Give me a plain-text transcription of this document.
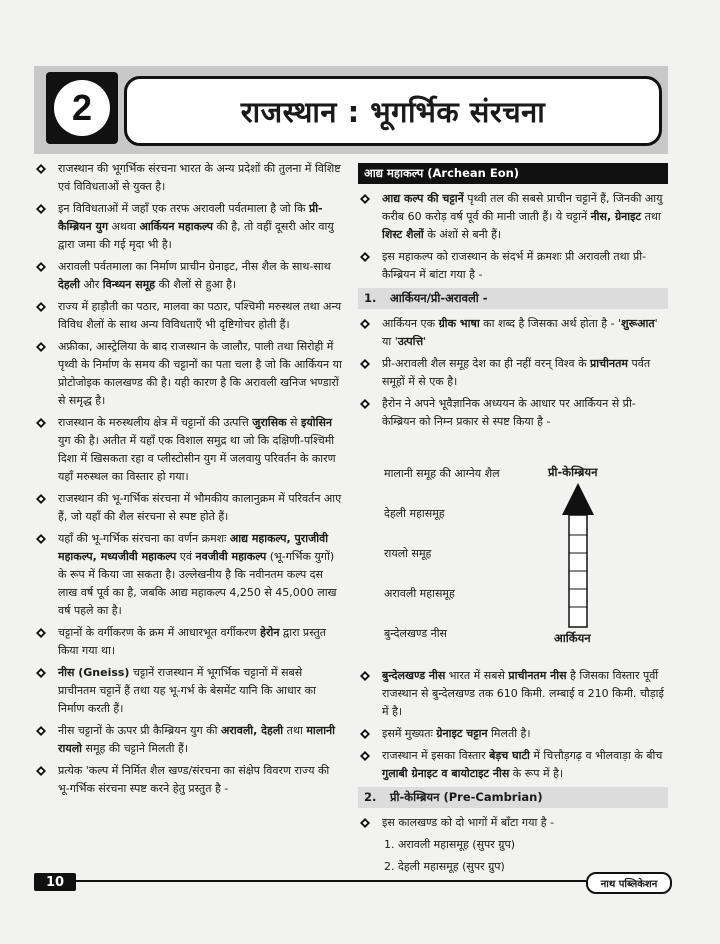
2	राजस्थान : भूगर्भिक संरचना
राजस्थान की भूगर्भिक संरचना भारत के अन्य प्रदेशों की तुलना में विशिष्ट एवं विविधताओं से युक्त है।
इन विविधताओं में जहाँ एक तरफ अरावली पर्वतमाला है जो कि प्री-कैम्ब्रियन युग अथवा आर्कियन महाकल्प की है, तो वहीं दूसरी ओर वायु द्वारा जमा की गई मृदा भी है।
अरावली पर्वतमाला का निर्माण प्राचीन ग्रेनाइट, नीस शैल के साथ-साथ देहली और विन्ध्यन समूह की शैलों से हुआ है।
राज्य में हाड़ौती का पठार, मालवा का पठार, पश्चिमी मरुस्थल तथा अन्य विविध शैलों के साथ अन्य विविधताएँ भी दृष्टिगोचर होती हैं।
अफ्रीका, आस्ट्रेलिया के बाद राजस्थान के जालौर, पाली तथा सिरोही में पृथ्वी के निर्माण के समय की चट्टानों का पता चला है जो कि आर्कियन या प्रोटोजोइक कालखण्ड की है। यही कारण है कि अरावली खनिज भण्डारों से समृद्ध है।
राजस्थान के मरुस्थलीय क्षेत्र में चट्टानों की उत्पत्ति जुरासिक से इयोसिन युग की है। अतीत में यहाँ एक विशाल समुद्र था जो कि दक्षिणी-पश्चिमी दिशा में खिसकता रहा व प्लीस्टोसीन युग में जलवायु परिवर्तन के कारण यहाँ मरुस्थल का विस्तार हो गया।
राजस्थान की भू-गर्भिक संरचना में भौमकीय कालानुक्रम में परिवर्तन आए हैं, जो यहाँ की शैल संरचना से स्पष्ट होते हैं।
यहाँ की भू-गर्भिक संरचना का वर्णन क्रमशः आद्य महाकल्प, पुराजीवी महाकल्प, मध्यजीवी महाकल्प एवं नवजीवी महाकल्प (भू-गर्भिक युगों) के रूप में किया जा सकता है। उल्लेखनीय है कि नवीनतम कल्प दस लाख वर्ष पूर्व का है, जबकि आद्य महाकल्प 4,250 से 45,000 लाख वर्ष पहले का है।
चट्टानों के वर्गीकरण के क्रम में आधारभूत वर्गीकरण हेरोन द्वारा प्रस्तुत किया गया था।
नीस (Gneiss) चट्टानें राजस्थान में भूगर्भिक चट्टानों में सबसे प्राचीनतम चट्टानें हैं तथा यह भू-गर्भ के बेसमेंट यानि कि आधार का निर्माण करती हैं।
नीस चट्टानों के ऊपर प्री कैम्ब्रियन युग की अरावली, देहली तथा मालानी रायलो समूह की चट्टाने मिलती हैं।
प्रत्येक 'कल्प में निर्मित शैल खण्ड/संरचना का संक्षेप विवरण राज्य की भू-गर्भिक संरचना स्पष्ट करने हेतु प्रस्तुत है -
आद्य महाकल्प (Archean Eon)
आद्य कल्प की चट्टानें पृथ्वी तल की सबसे प्राचीन चट्टानें हैं, जिनकी आयु करीब 60 करोड़ वर्ष पूर्व की मानी जाती हैं। ये चट्टानें नीस, ग्रेनाइट तथा शिस्ट शैलों के अंशों से बनी हैं।
इस महाकल्प को राजस्थान के संदर्भ में क्रमशः प्री अरावली तथा प्री-कैम्ब्रियन में बांटा गया है -
1. आर्कियन/प्री-अरावली -
आर्कियन एक ग्रीक भाषा का शब्द है जिसका अर्थ होता है - 'शुरूआत' या 'उत्पत्ति'
प्री-अरावली शैल समूह देश का ही नहीं वरन् विश्व के प्राचीनतम पर्वत समूहों में से एक है।
हैरोन ने अपने भूवैज्ञानिक अध्ययन के आधार पर आर्कियन से प्री-केम्ब्रियन को निम्न प्रकार से स्पष्ट किया है -
मालानी समूह की आग्नेय शैल
देहली महासमूह
रायलो समूह
अरावली महासमूह
बुन्देलखण्ड नीस
प्री-केम्ब्रियन
आर्कियन
बुन्देलखण्ड नीस भारत में सबसे प्राचीनतम नीस है जिसका विस्तार पूर्वी राजस्थान से बुन्देलखण्ड तक 610 किमी. लम्बाई व 210 किमी. चौड़ाई में है।
इसमें मुख्यतः ग्रेनाइट चट्टान मिलती है।
राजस्थान में इसका विस्तार बेड़च घाटी में चित्तौड़गढ़ व भीलवाड़ा के बीच गुलाबी ग्रेनाइट व बायोटाइट नीस के रूप में है।
2. प्री-केम्ब्रियन (Pre-Cambrian)
इस कालखण्ड को दो भागों में बाँटा गया है -
1. अरावली महासमूह (सुपर ग्रुप)
2. देहली महासमूह (सुपर ग्रुप)
10	नाथ पब्लिकेशन
